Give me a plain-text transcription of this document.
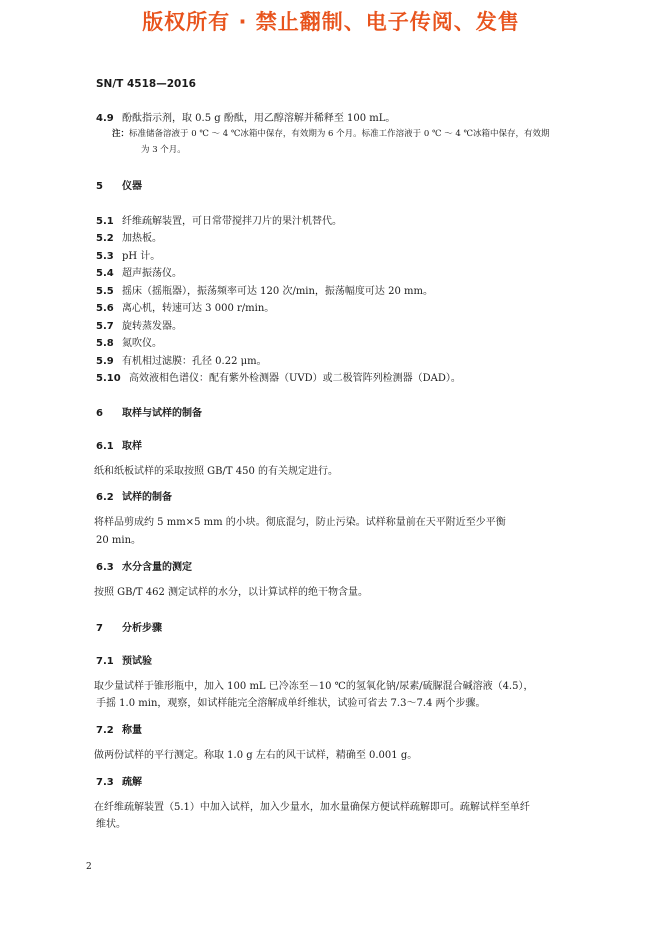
版权所有 · 禁止翻制、电子传阅、发售
SN/T 4518—2016
4.9 酚酞指示剂，取 0.5 g 酚酞，用乙醇溶解并稀释至 100 mL。
注：标准储备溶液于 0 ℃ ～ 4 ℃冰箱中保存，有效期为 6 个月。标准工作溶液于 0 ℃ ～ 4 ℃冰箱中保存，有效期
为 3 个月。
5 仪器
5.1 纤维疏解装置，可日常带搅拌刀片的果汁机替代。
5.2 加热板。
5.3 pH 计。
5.4 超声振荡仪。
5.5 摇床（摇瓶器），振荡频率可达 120 次/min，振荡幅度可达 20 mm。
5.6 离心机，转速可达 3 000 r/min。
5.7 旋转蒸发器。
5.8 氮吹仪。
5.9 有机相过滤膜：孔径 0.22 μm。
5.10 高效液相色谱仪：配有紫外检测器（UVD）或二极管阵列检测器（DAD）。
6 取样与试样的制备
6.1 取样
纸和纸板试样的采取按照 GB/T 450 的有关规定进行。
6.2 试样的制备
将样品剪成约 5 mm×5 mm 的小块。彻底混匀，防止污染。试样称量前在天平附近至少平衡
20 min。
6.3 水分含量的测定
按照 GB/T 462 测定试样的水分，以计算试样的绝干物含量。
7 分析步骤
7.1 预试验
取少量试样于锥形瓶中，加入 100 mL 已冷冻至－10 ℃的氢氧化钠/尿素/硫脲混合碱溶液（4.5），
手摇 1.0 min，观察，如试样能完全溶解成单纤维状，试验可省去 7.3～7.4 两个步骤。
7.2 称量
做两份试样的平行测定。称取 1.0 g 左右的风干试样，精确至 0.001 g。
7.3 疏解
在纤维疏解装置（5.1）中加入试样，加入少量水，加水量确保方便试样疏解即可。疏解试样至单纤
维状。
2
